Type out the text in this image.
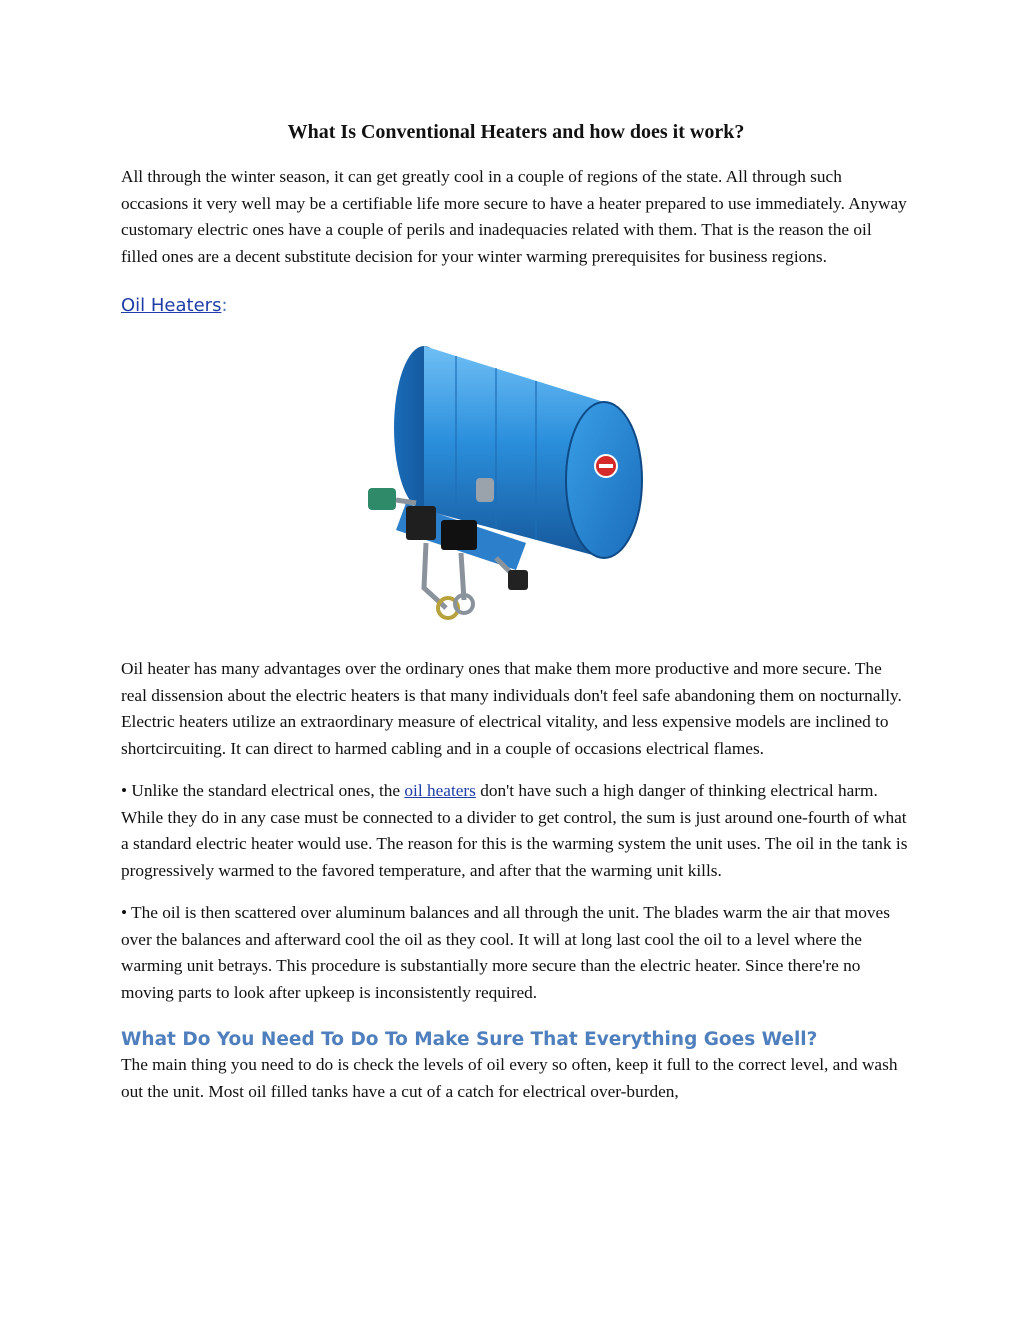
What Is Conventional Heaters and how does it work?

All through the winter season, it can get greatly cool in a couple of regions of the state. All through such occasions it very well may be a certifiable life more secure to have a heater prepared to use immediately. Anyway customary electric ones have a couple of perils and inadequacies related with them. That is the reason the oil filled ones are a decent substitute decision for your winter warming prerequisites for business regions.

Oil Heaters:

Oil heater has many advantages over the ordinary ones that make them more productive and more secure. The real dissension about the electric heaters is that many individuals don't feel safe abandoning them on nocturnally. Electric heaters utilize an extraordinary measure of electrical vitality, and less expensive models are inclined to shortcircuiting. It can direct to harmed cabling and in a couple of occasions electrical flames.

• Unlike the standard electrical ones, the oil heaters don't have such a high danger of thinking electrical harm. While they do in any case must be connected to a divider to get control, the sum is just around one-fourth of what a standard electric heater would use. The reason for this is the warming system the unit uses. The oil in the tank is progressively warmed to the favored temperature, and after that the warming unit kills.

• The oil is then scattered over aluminum balances and all through the unit. The blades warm the air that moves over the balances and afterward cool the oil as they cool. It will at long last cool the oil to a level where the warming unit betrays. This procedure is substantially more secure than the electric heater. Since there're no moving parts to look after upkeep is inconsistently required.

What Do You Need To Do To Make Sure That Everything Goes Well?

The main thing you need to do is check the levels of oil every so often, keep it full to the correct level, and wash out the unit. Most oil filled tanks have a cut of a catch for electrical over-burden,
